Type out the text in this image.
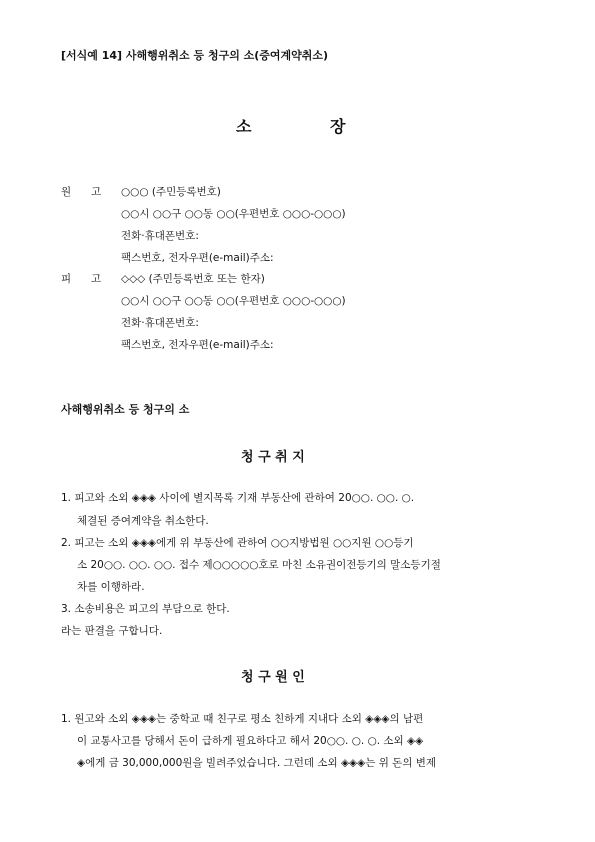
[서식예 14] 사해행위취소 등 청구의 소(증여계약취소)
소	장
원 고 ○○○ (주민등록번호)
○○시 ○○구 ○○동 ○○(우편번호 ○○○-○○○)
전화·휴대폰번호:
팩스번호, 전자우편(e-mail)주소:
피 고 ◇◇◇ (주민등록번호 또는 한자)
○○시 ○○구 ○○동 ○○(우편번호 ○○○-○○○)
전화·휴대폰번호:
팩스번호, 전자우편(e-mail)주소:
사해행위취소 등 청구의 소
청 구 취 지
1. 피고와 소외 ◈◈◈ 사이에 별지목록 기재 부동산에 관하여 20○○. ○○. ○.
체결된 증여계약을 취소한다.
2. 피고는 소외 ◈◈◈에게 위 부동산에 관하여 ○○지방법원 ○○지원 ○○등기
소 20○○. ○○. ○○. 접수 제○○○○○호로 마친 소유권이전등기의 말소등기절
차를 이행하라.
3. 소송비용은 피고의 부담으로 한다.
라는 판결을 구합니다.
청 구 원 인
1. 원고와 소외 ◈◈◈는 중학교 때 친구로 평소 친하게 지내다 소외 ◈◈◈의 남편
이 교통사고를 당해서 돈이 급하게 필요하다고 해서 20○○. ○. ○. 소외 ◈◈
◈에게 금 30,000,000원을 빌려주었습니다. 그런데 소외 ◈◈◈는 위 돈의 변제
